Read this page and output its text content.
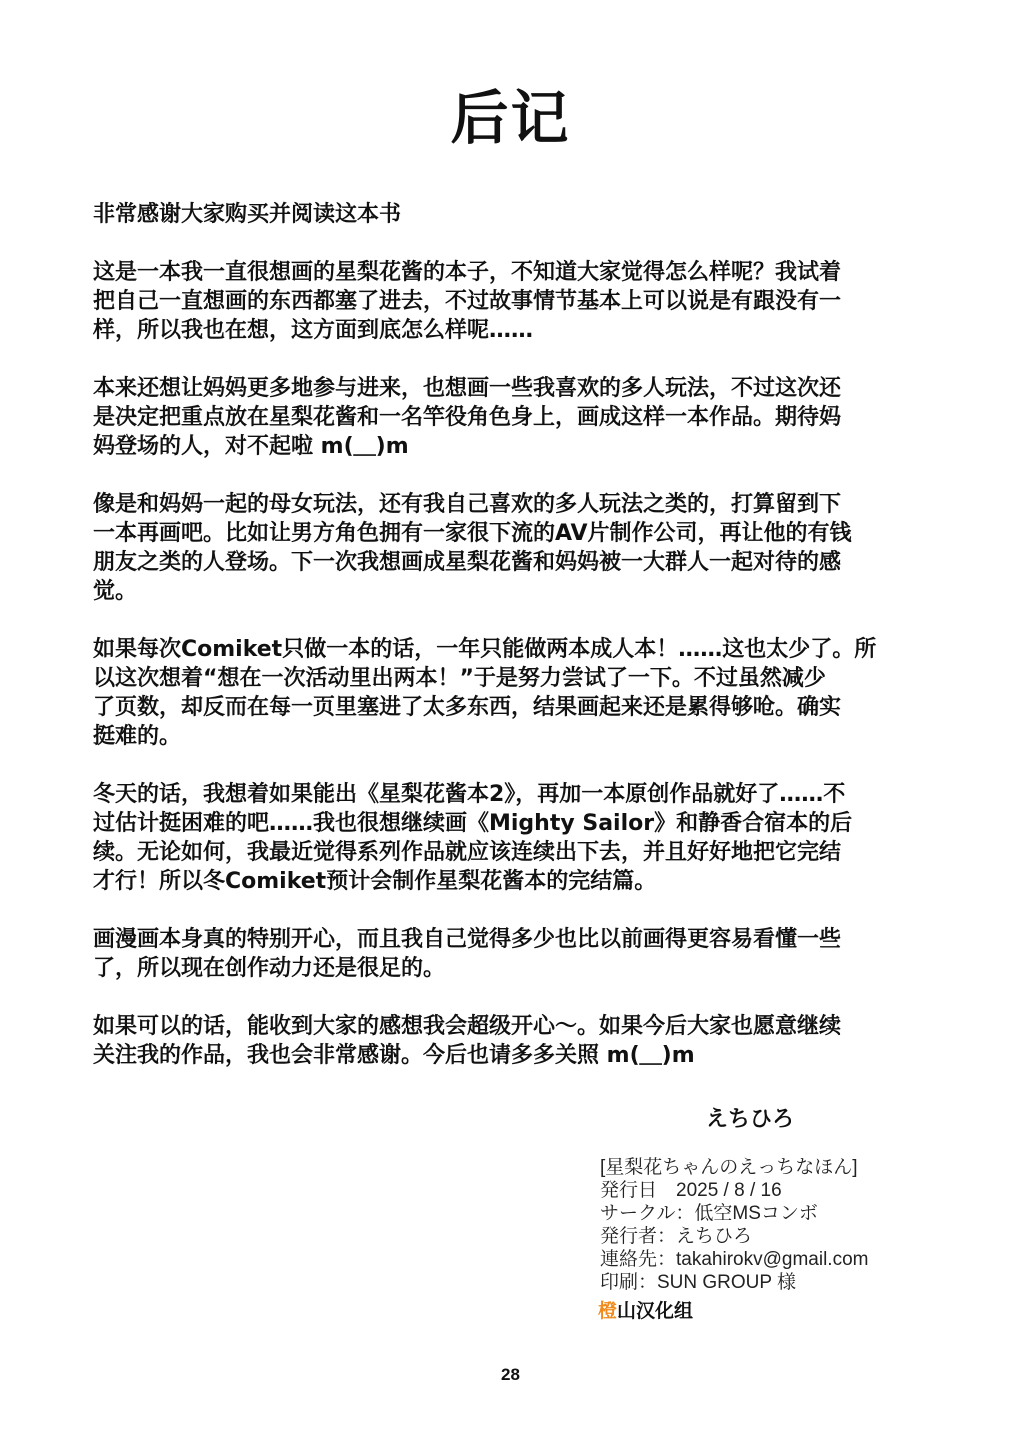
后记
非常感谢大家购买并阅读这本书
这是一本我一直很想画的星梨花酱的本子，不知道大家觉得怎么样呢？我试着
把自己一直想画的东西都塞了进去，不过故事情节基本上可以说是有跟没有一
样，所以我也在想，这方面到底怎么样呢……
本来还想让妈妈更多地参与进来，也想画一些我喜欢的多人玩法，不过这次还
是决定把重点放在星梨花酱和一名竿役角色身上，画成这样一本作品。期待妈
妈登场的人，对不起啦 m(＿)m
像是和妈妈一起的母女玩法，还有我自己喜欢的多人玩法之类的，打算留到下
一本再画吧。比如让男方角色拥有一家很下流的AV片制作公司，再让他的有钱
朋友之类的人登场。下一次我想画成星梨花酱和妈妈被一大群人一起对待的感
觉。
如果每次Comiket只做一本的话，一年只能做两本成人本！……这也太少了。所
以这次想着“想在一次活动里出两本！”于是努力尝试了一下。不过虽然减少
了页数，却反而在每一页里塞进了太多东西，结果画起来还是累得够呛。确实
挺难的。
冬天的话，我想着如果能出《星梨花酱本2》，再加一本原创作品就好了……不
过估计挺困难的吧……我也很想继续画《Mighty Sailor》和静香合宿本的后
续。无论如何，我最近觉得系列作品就应该连续出下去，并且好好地把它完结
才行！所以冬Comiket预计会制作星梨花酱本的完结篇。
画漫画本身真的特别开心，而且我自己觉得多少也比以前画得更容易看懂一些
了，所以现在创作动力还是很足的。
如果可以的话，能收到大家的感想我会超级开心～。如果今后大家也愿意继续
关注我的作品，我也会非常感谢。今后也请多多关照 m(＿)m
えちひろ
[星梨花ちゃんのえっちなほん]
発行日　2025 / 8 / 16
サークル：低空MSコンボ
発行者：えちひろ
連絡先：takahirokv@gmail.com
印刷：SUN GROUP 様
橙山汉化组
28
